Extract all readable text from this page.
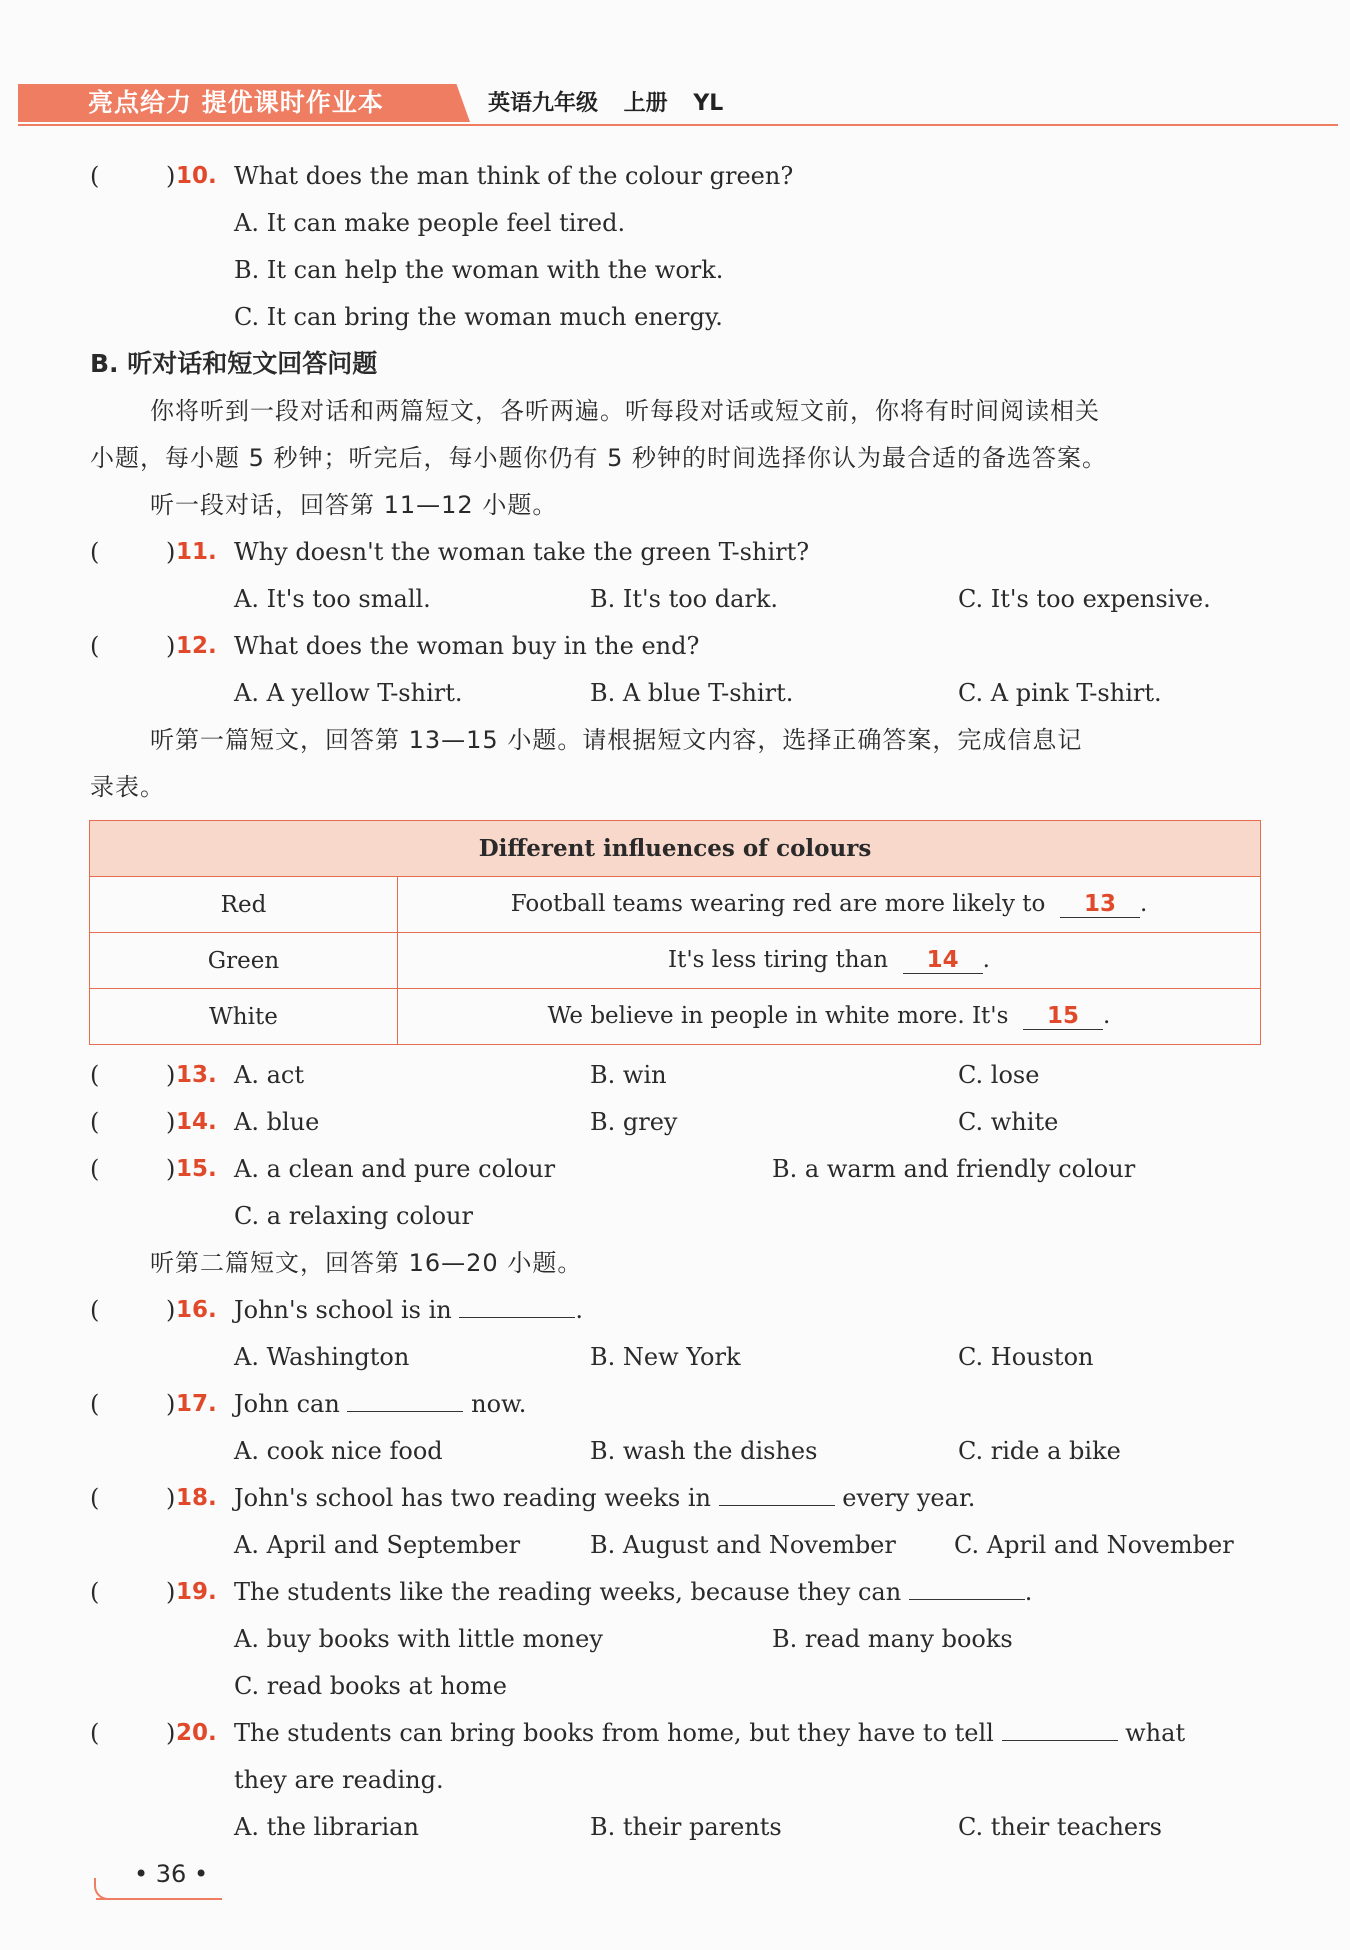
亮点给力 提优课时作业本	英语九年级 上册 YL
(	) 10. What does the man think of the colour green?
A. It can make people feel tired.
B. It can help the woman with the work.
C. It can bring the woman much energy.
B. 听对话和短文回答问题
你将听到一段对话和两篇短文，各听两遍。听每段对话或短文前，你将有时间阅读相关
小题，每小题 5 秒钟；听完后，每小题你仍有 5 秒钟的时间选择你认为最合适的备选答案。
听一段对话，回答第 11—12 小题。
(	) 11. Why doesn't the woman take the green T-shirt?
A. It's too small.	B. It's too dark.	C. It's too expensive.
(	) 12. What does the woman buy in the end?
A. A yellow T-shirt.	B. A blue T-shirt.	C. A pink T-shirt.
听第一篇短文，回答第 13—15 小题。请根据短文内容，选择正确答案，完成信息记
录表。
Different influences of colours	
Red	Football teams wearing red are more likely to 13 .
Green	It's less tiring than 14 .
White	We believe in people in white more. It's 15 .
(	) 13. A. act	B. win	C. lose
(	) 14. A. blue	B. grey	C. white
(	) 15. A. a clean and pure colour	B. a warm and friendly colour
C. a relaxing colour
听第二篇短文，回答第 16—20 小题。
(	) 16. John's school is in	.
A. Washington	B. New York	C. Houston
(	) 17. John can	now.
A. cook nice food	B. wash the dishes	C. ride a bike
(	) 18. John's school has two reading weeks in	every year.
A. April and September	B. August and November C. April and November
(	) 19. The students like the reading weeks, because they can	.
A. buy books with little money	B. read many books
C. read books at home
(	) 20. The students can bring books from home, but they have to tell	what
they are reading.
A. the librarian	B. their parents	C. their teachers
• 36 •
